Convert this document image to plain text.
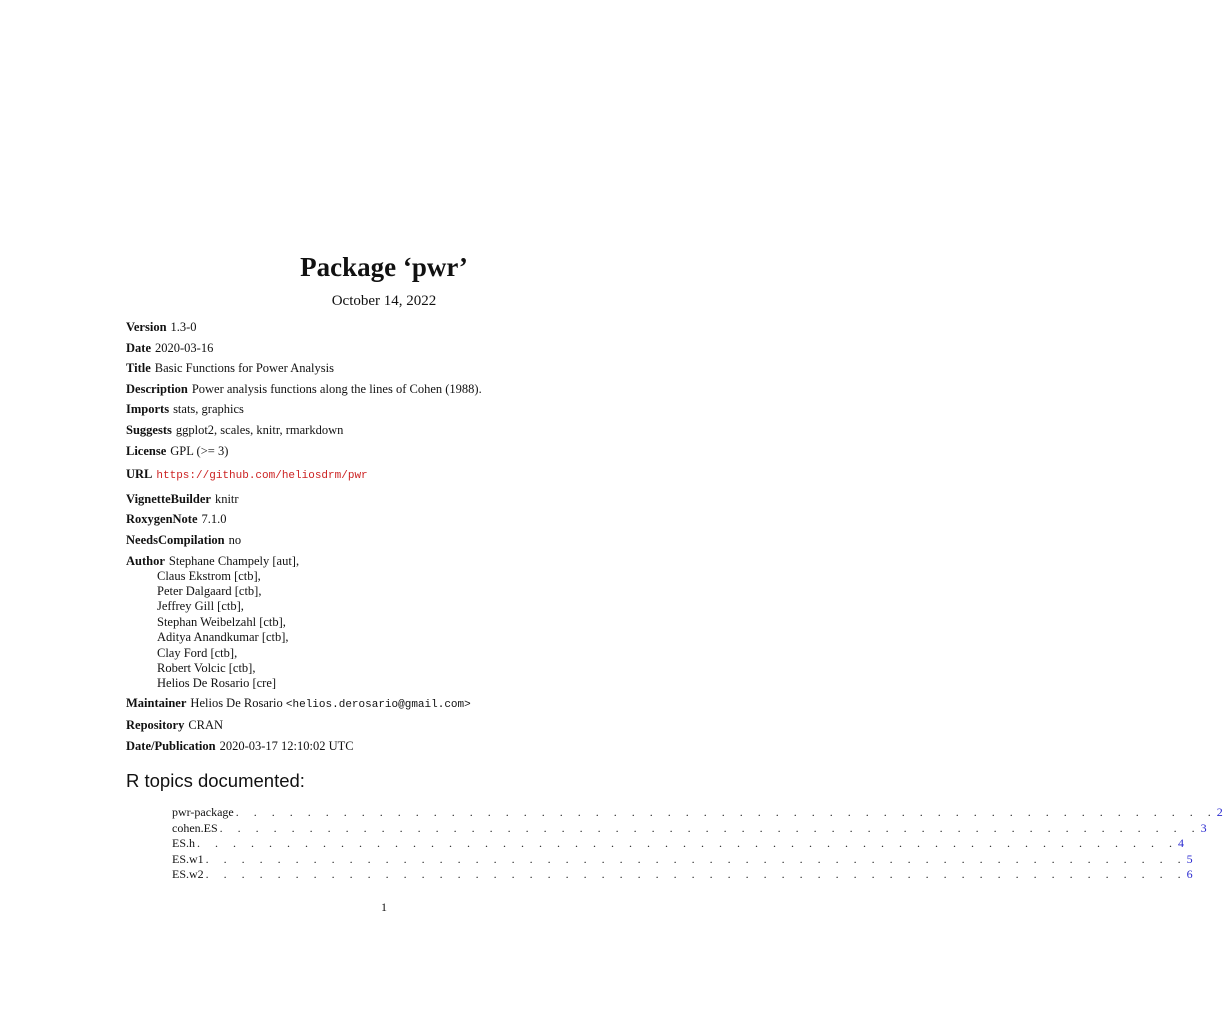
Package ‘pwr’
October 14, 2022
Version 1.3-0
Date 2020-03-16
Title Basic Functions for Power Analysis
Description Power analysis functions along the lines of Cohen (1988).
Imports stats, graphics
Suggests ggplot2, scales, knitr, rmarkdown
License GPL (>= 3)
URL https://github.com/heliosdrm/pwr
VignetteBuilder knitr
RoxygenNote 7.1.0
NeedsCompilation no
Author Stephane Champely [aut],
Claus Ekstrom [ctb],
Peter Dalgaard [ctb],
Jeffrey Gill [ctb],
Stephan Weibelzahl [ctb],
Aditya Anandkumar [ctb],
Clay Ford [ctb],
Robert Volcic [ctb],
Helios De Rosario [cre]
Maintainer Helios De Rosario <helios.derosario@gmail.com>
Repository CRAN
Date/Publication 2020-03-17 12:10:02 UTC
R topics documented:
pwr-package . . . . . . . . . . . . . . . . . . . . . . . . . . . . . . . . . . . . . . . . . . . . . . . . . . . . . . . 2
cohen.ES . . . . . . . . . . . . . . . . . . . . . . . . . . . . . . . . . . . . . . . . . . . . . . . . . . . . . . . 3
ES.h . . . . . . . . . . . . . . . . . . . . . . . . . . . . . . . . . . . . . . . . . . . . . . . . . . . . . . . 4
ES.w1 . . . . . . . . . . . . . . . . . . . . . . . . . . . . . . . . . . . . . . . . . . . . . . . . . . . . . . . 5
ES.w2 . . . . . . . . . . . . . . . . . . . . . . . . . . . . . . . . . . . . . . . . . . . . . . . . . . . . . . . 6
1
